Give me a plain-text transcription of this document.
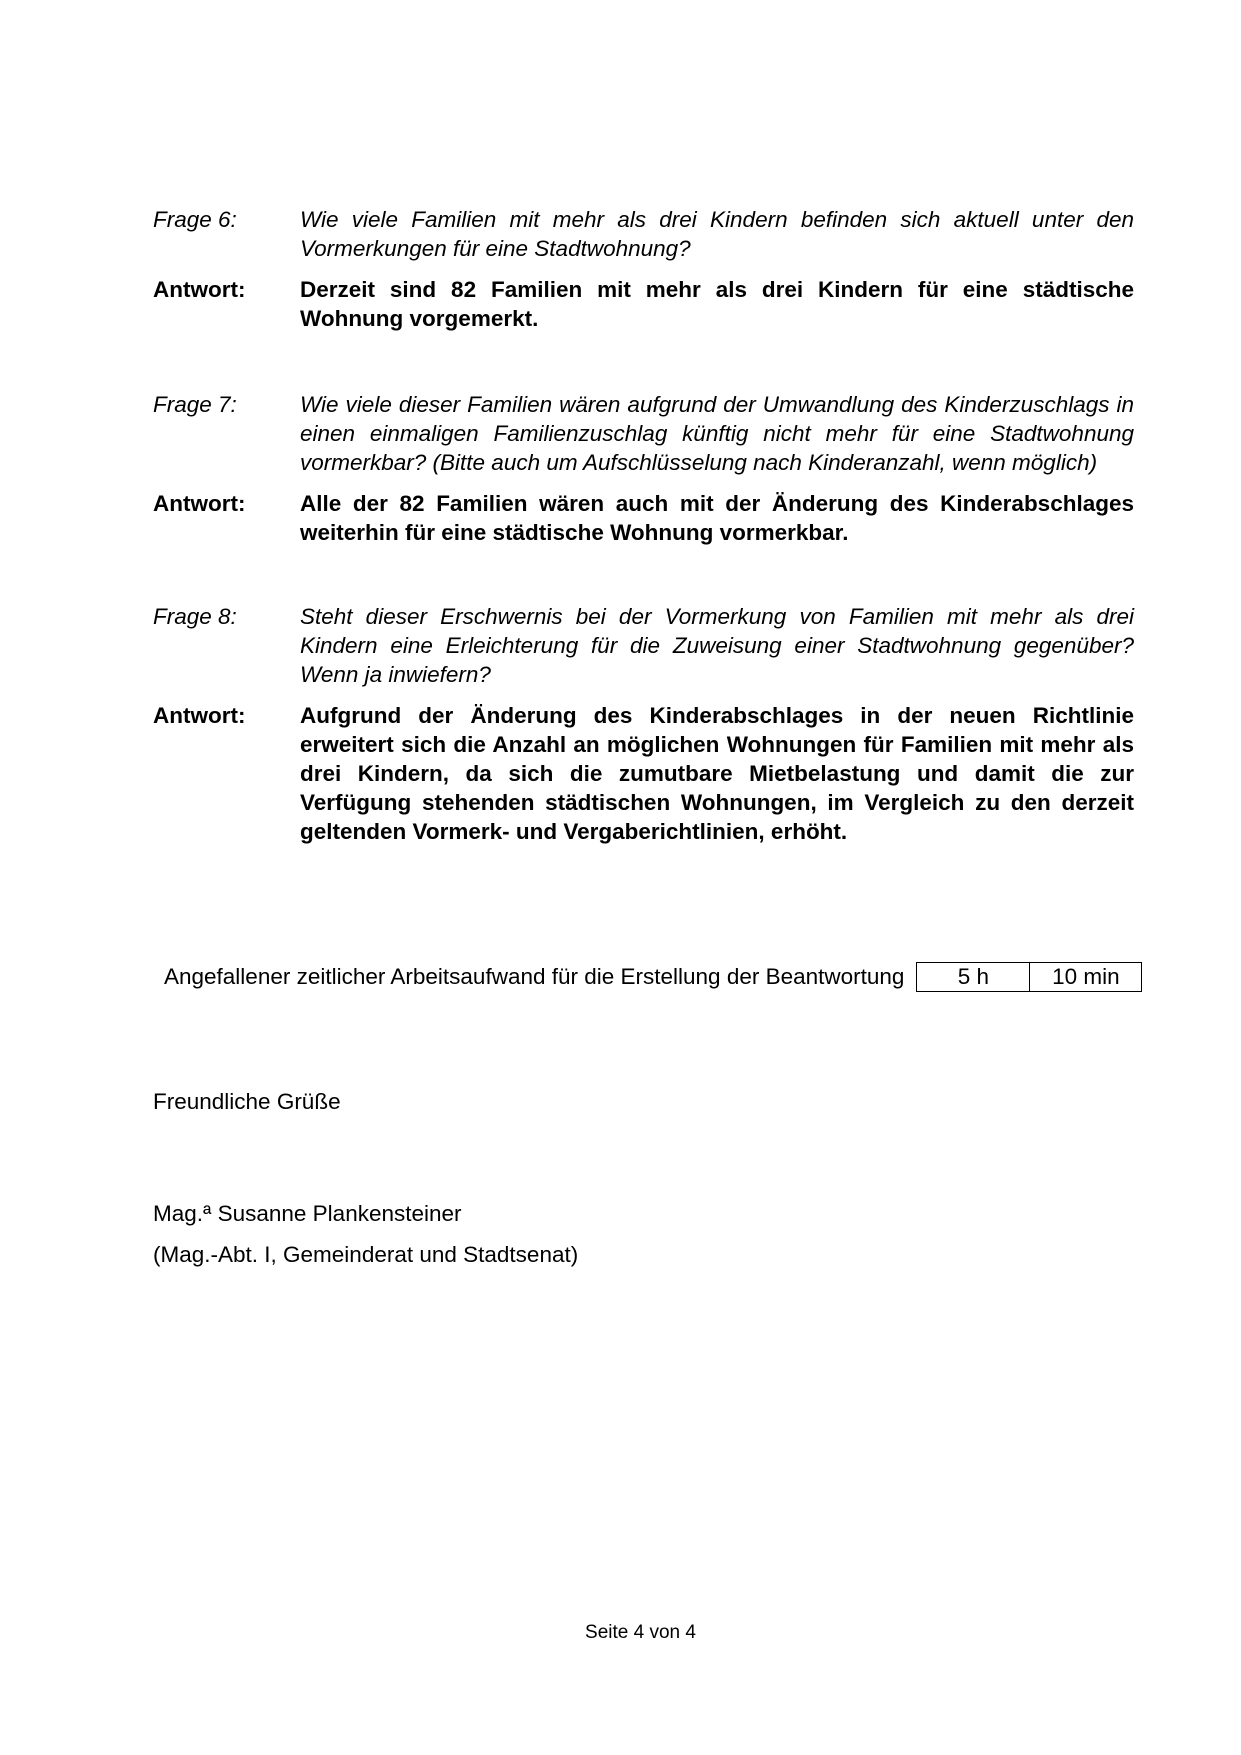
Frage 6:	Wie viele Familien mit mehr als drei Kindern befinden sich aktuell unter den Vormerkungen für eine Stadtwohnung?
Antwort:	Derzeit sind 82 Familien mit mehr als drei Kindern für eine städtische Wohnung vorgemerkt.
Frage 7:	Wie viele dieser Familien wären aufgrund der Umwandlung des Kinderzuschlags in einen einmaligen Familienzuschlag künftig nicht mehr für eine Stadtwohnung vormerkbar? (Bitte auch um Aufschlüsselung nach Kinderanzahl, wenn möglich)
Antwort:	Alle der 82 Familien wären auch mit der Änderung des Kinderabschlages weiterhin für eine städtische Wohnung vormerkbar.
Frage 8:	Steht dieser Erschwernis bei der Vormerkung von Familien mit mehr als drei Kindern eine Erleichterung für die Zuweisung einer Stadtwohnung gegenüber? Wenn ja inwiefern?
Antwort:	Aufgrund der Änderung des Kinderabschlages in der neuen Richtlinie erweitert sich die Anzahl an möglichen Wohnungen für Familien mit mehr als drei Kindern, da sich die zumutbare Mietbelastung und damit die zur Verfügung stehenden städtischen Wohnungen, im Vergleich zu den derzeit geltenden Vormerk- und Vergaberichtlinien, erhöht.
Angefallener zeitlicher Arbeitsaufwand für die Erstellung der Beantwortung	5 h	10 min
Freundliche Grüße
Mag.ª Susanne Plankensteiner
(Mag.-Abt. I, Gemeinderat und Stadtsenat)
Seite 4 von 4
